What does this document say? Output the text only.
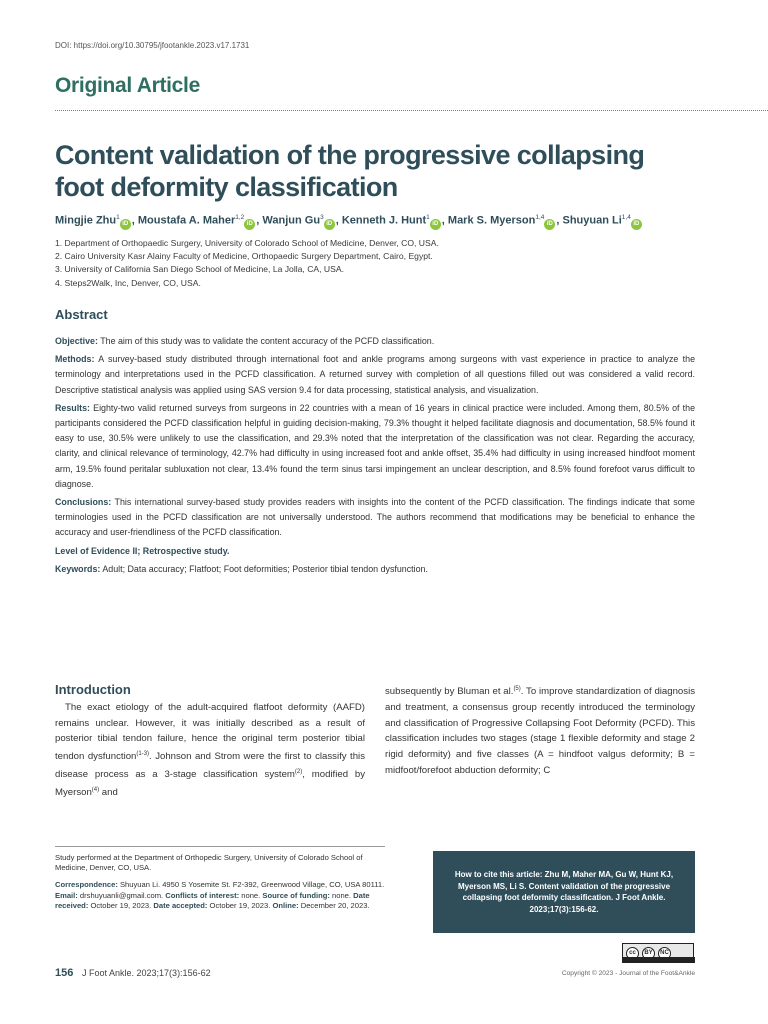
DOI: https://doi.org/10.30795/jfootankle.2023.v17.1731
Original Article
Content validation of the progressive collapsing foot deformity classification
Mingjie Zhu$^1$iD , Moustafa A. Maher$^{1,2}$iD , Wanjun Gu$^3$iD , Kenneth J. Hunt$^1$iD , Mark S. Myerson$^{1,4}$iD , Shuyuan Li$^{1,4}$iD
1. Department of Orthopaedic Surgery, University of Colorado School of Medicine, Denver, CO, USA.
2. Cairo University Kasr Alainy Faculty of Medicine, Orthopaedic Surgery Department, Cairo, Egypt.
3. University of California San Diego School of Medicine, La Jolla, CA, USA.
4. Steps2Walk, Inc, Denver, CO, USA.
Abstract

Objective: The aim of this study was to validate the content accuracy of the PCFD classification.

Methods: A survey-based study distributed through international foot and ankle programs among surgeons with vast experience in practice to analyze the terminology and interpretations used in the PCFD classification. A returned survey with completion of all questions filled out was considered a valid record. Descriptive statistical analysis was applied using SAS version 9.4 for data processing, statistical analysis, and visualization.

Results: Eighty-two valid returned surveys from surgeons in 22 countries with a mean of 16 years in clinical practice were included. Among them, 80.5% of the participants considered the PCFD classification helpful in guiding decision-making, 79.3% thought it helped facilitate diagnosis and documentation, 58.5% found it easy to use, 30.5% were unlikely to use the classification, and 29.3% noted that the interpretation of the classification was not clear. Regarding the accuracy, clarity, and clinical relevance of terminology, 42.7% had difficulty in using increased foot and ankle offset, 35.4% had difficulty in using increased hindfoot moment arm, 19.5% found peritalar subluxation not clear, 13.4% found the term sinus tarsi impingement an unclear description, and 8.5% found forefoot varus difficult to diagnose.

Conclusions: This international survey-based study provides readers with insights into the content of the PCFD classification. The findings indicate that some terminologies used in the PCFD classification are not universally understood. The authors recommend that modifications may be beneficial to enhance the accuracy and user-friendliness of the PCFD classification.

Level of Evidence II; Retrospective study.

Keywords: Adult; Data accuracy; Flatfoot; Foot deformities; Posterior tibial tendon dysfunction.

Introduction
The exact etiology of the adult-acquired flatfoot deformity (AAFD) remains unclear. However, it was initially described as a result of posterior tibial tendon failure, hence the original term posterior tibial tendon dysfunction$^{(1-3)}$. Johnson and Strom were the first to classify this disease process as a 3-stage classification system$^{(2)}$, modified by Myerson$^{(4)}$ and
subsequently by Bluman et al.$^{(5)}$. To improve standardization of diagnosis and treatment, a consensus group recently introduced the terminology and classification of Progressive Collapsing Foot Deformity (PCFD). This classification includes two stages (stage 1 flexible deformity and stage 2 rigid deformity) and five classes (A = hindfoot valgus deformity; B = midfoot/forefoot abduction deformity; C

Study performed at the Department of Orthopedic Surgery, University of Colorado School of Medicine, Denver, CO, USA.

Correspondence: Shuyuan Li. 4950 S Yosemite St. F2-392, Greenwood Village, CO, USA 80111. Email: drshuyuanli@gmail.com. Conflicts of interest: none. Source of funding: none. Date received: October 19, 2023. Date accepted: October 19, 2023. Online: December 20, 2023.

How to cite this article: Zhu M, Maher MA, Gu W, Hunt KJ, Myerson MS, Li S. Content validation of the progressive collapsing foot deformity classification. J Foot Ankle. 2023;17(3):156-62.
cc	BY	NC
156 J Foot Ankle. 2023;17(3):156-62	Copyright © 2023 - Journal of the Foot&Ankle
